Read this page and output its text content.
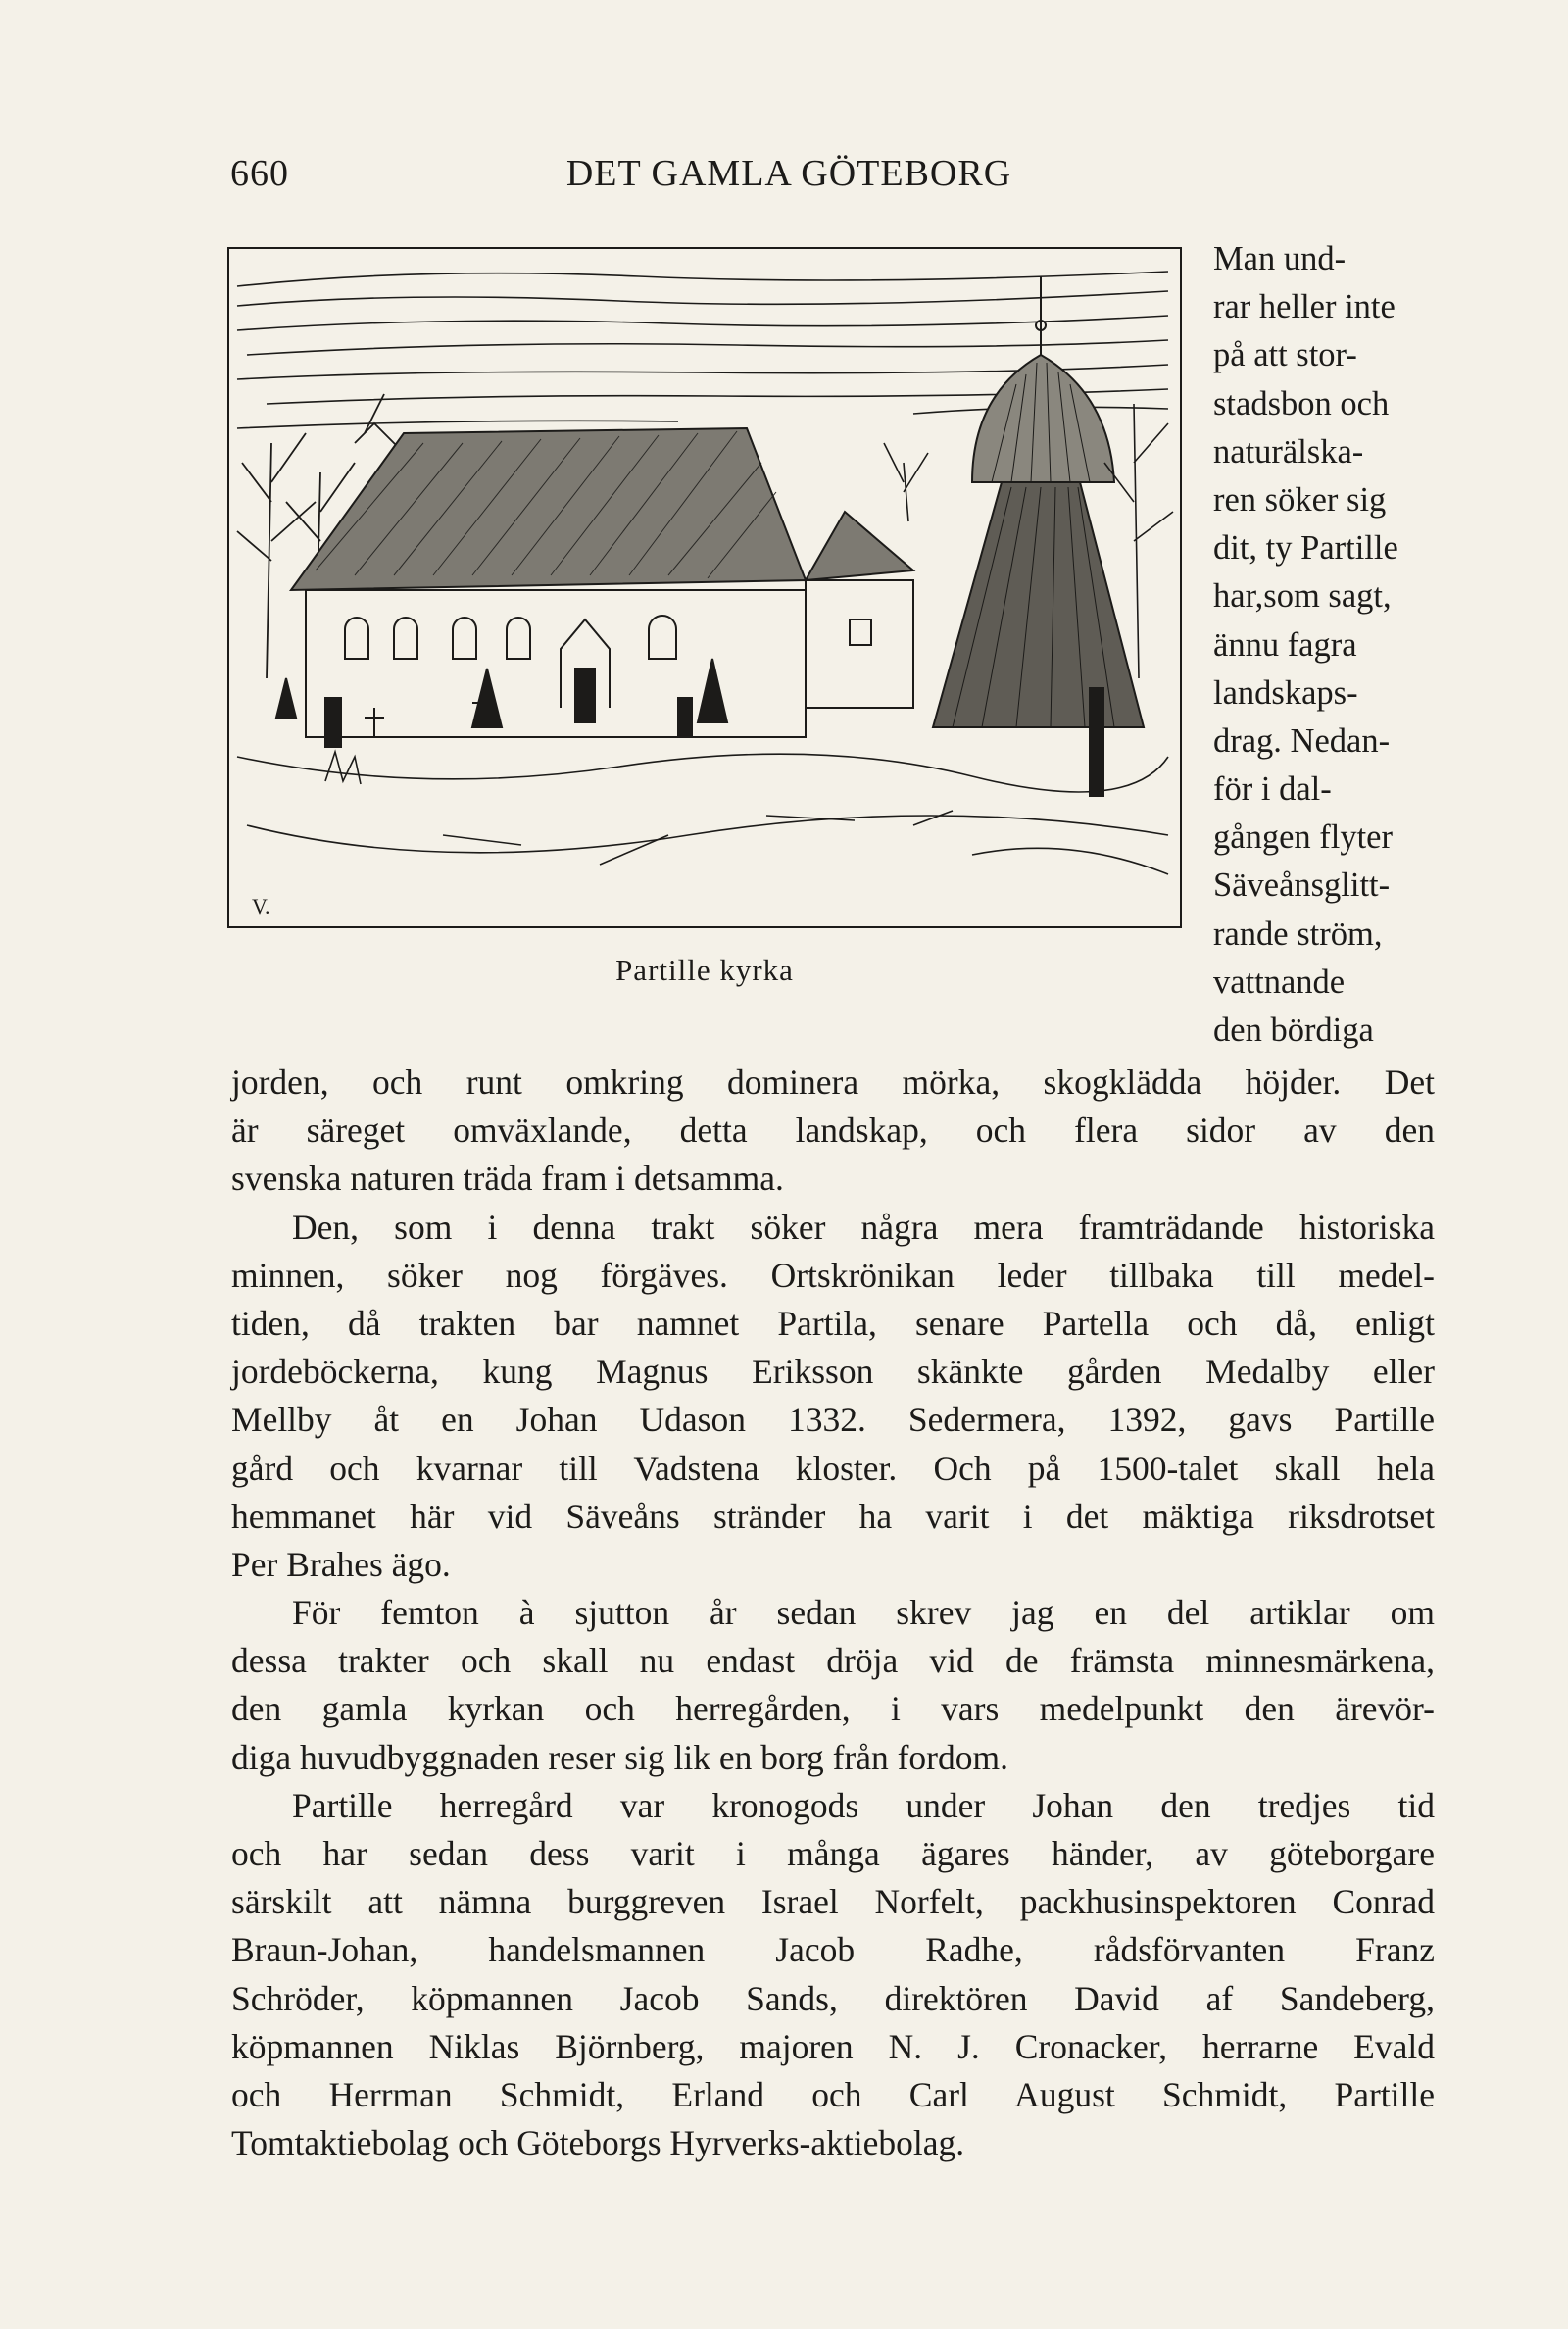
660	DET GAMLA GÖTEBORG
V.
Partille kyrka
Man und-
rar heller inte
på att stor-
stadsbon och
naturälska-
ren söker sig
dit, ty Partille
har,som sagt,
ännu fagra
landskaps-
drag. Nedan-
för i dal-
gången flyter
Säveånsglitt-
rande ström,
vattnande
den bördiga
jorden, och runt omkring dominera mörka, skogklädda höjder. Det
är säreget omväxlande, detta landskap, och flera sidor av den
svenska naturen träda fram i detsamma.
Den, som i denna trakt söker några mera framträdande historiska
minnen, söker nog förgäves. Ortskrönikan leder tillbaka till medel-
tiden, då trakten bar namnet Partila, senare Partella och då, enligt
jordeböckerna, kung Magnus Eriksson skänkte gården Medalby eller
Mellby åt en Johan Udason 1332. Sedermera, 1392, gavs Partille
gård och kvarnar till Vadstena kloster. Och på 1500-talet skall hela
hemmanet här vid Säveåns stränder ha varit i det mäktiga riksdrotset
Per Brahes ägo.
För femton à sjutton år sedan skrev jag en del artiklar om
dessa trakter och skall nu endast dröja vid de främsta minnesmärkena,
den gamla kyrkan och herregården, i vars medelpunkt den ärevör-
diga huvudbyggnaden reser sig lik en borg från fordom.
Partille herregård var kronogods under Johan den tredjes tid
och har sedan dess varit i många ägares händer, av göteborgare
särskilt att nämna burggreven Israel Norfelt, packhusinspektoren Conrad
Braun-Johan, handelsmannen Jacob Radhe, rådsförvanten Franz
Schröder, köpmannen Jacob Sands, direktören David af Sandeberg,
köpmannen Niklas Björnberg, majoren N. J. Cronacker, herrarne Evald
och Herrman Schmidt, Erland och Carl August Schmidt, Partille
Tomtaktiebolag och Göteborgs Hyrverks-aktiebolag.
